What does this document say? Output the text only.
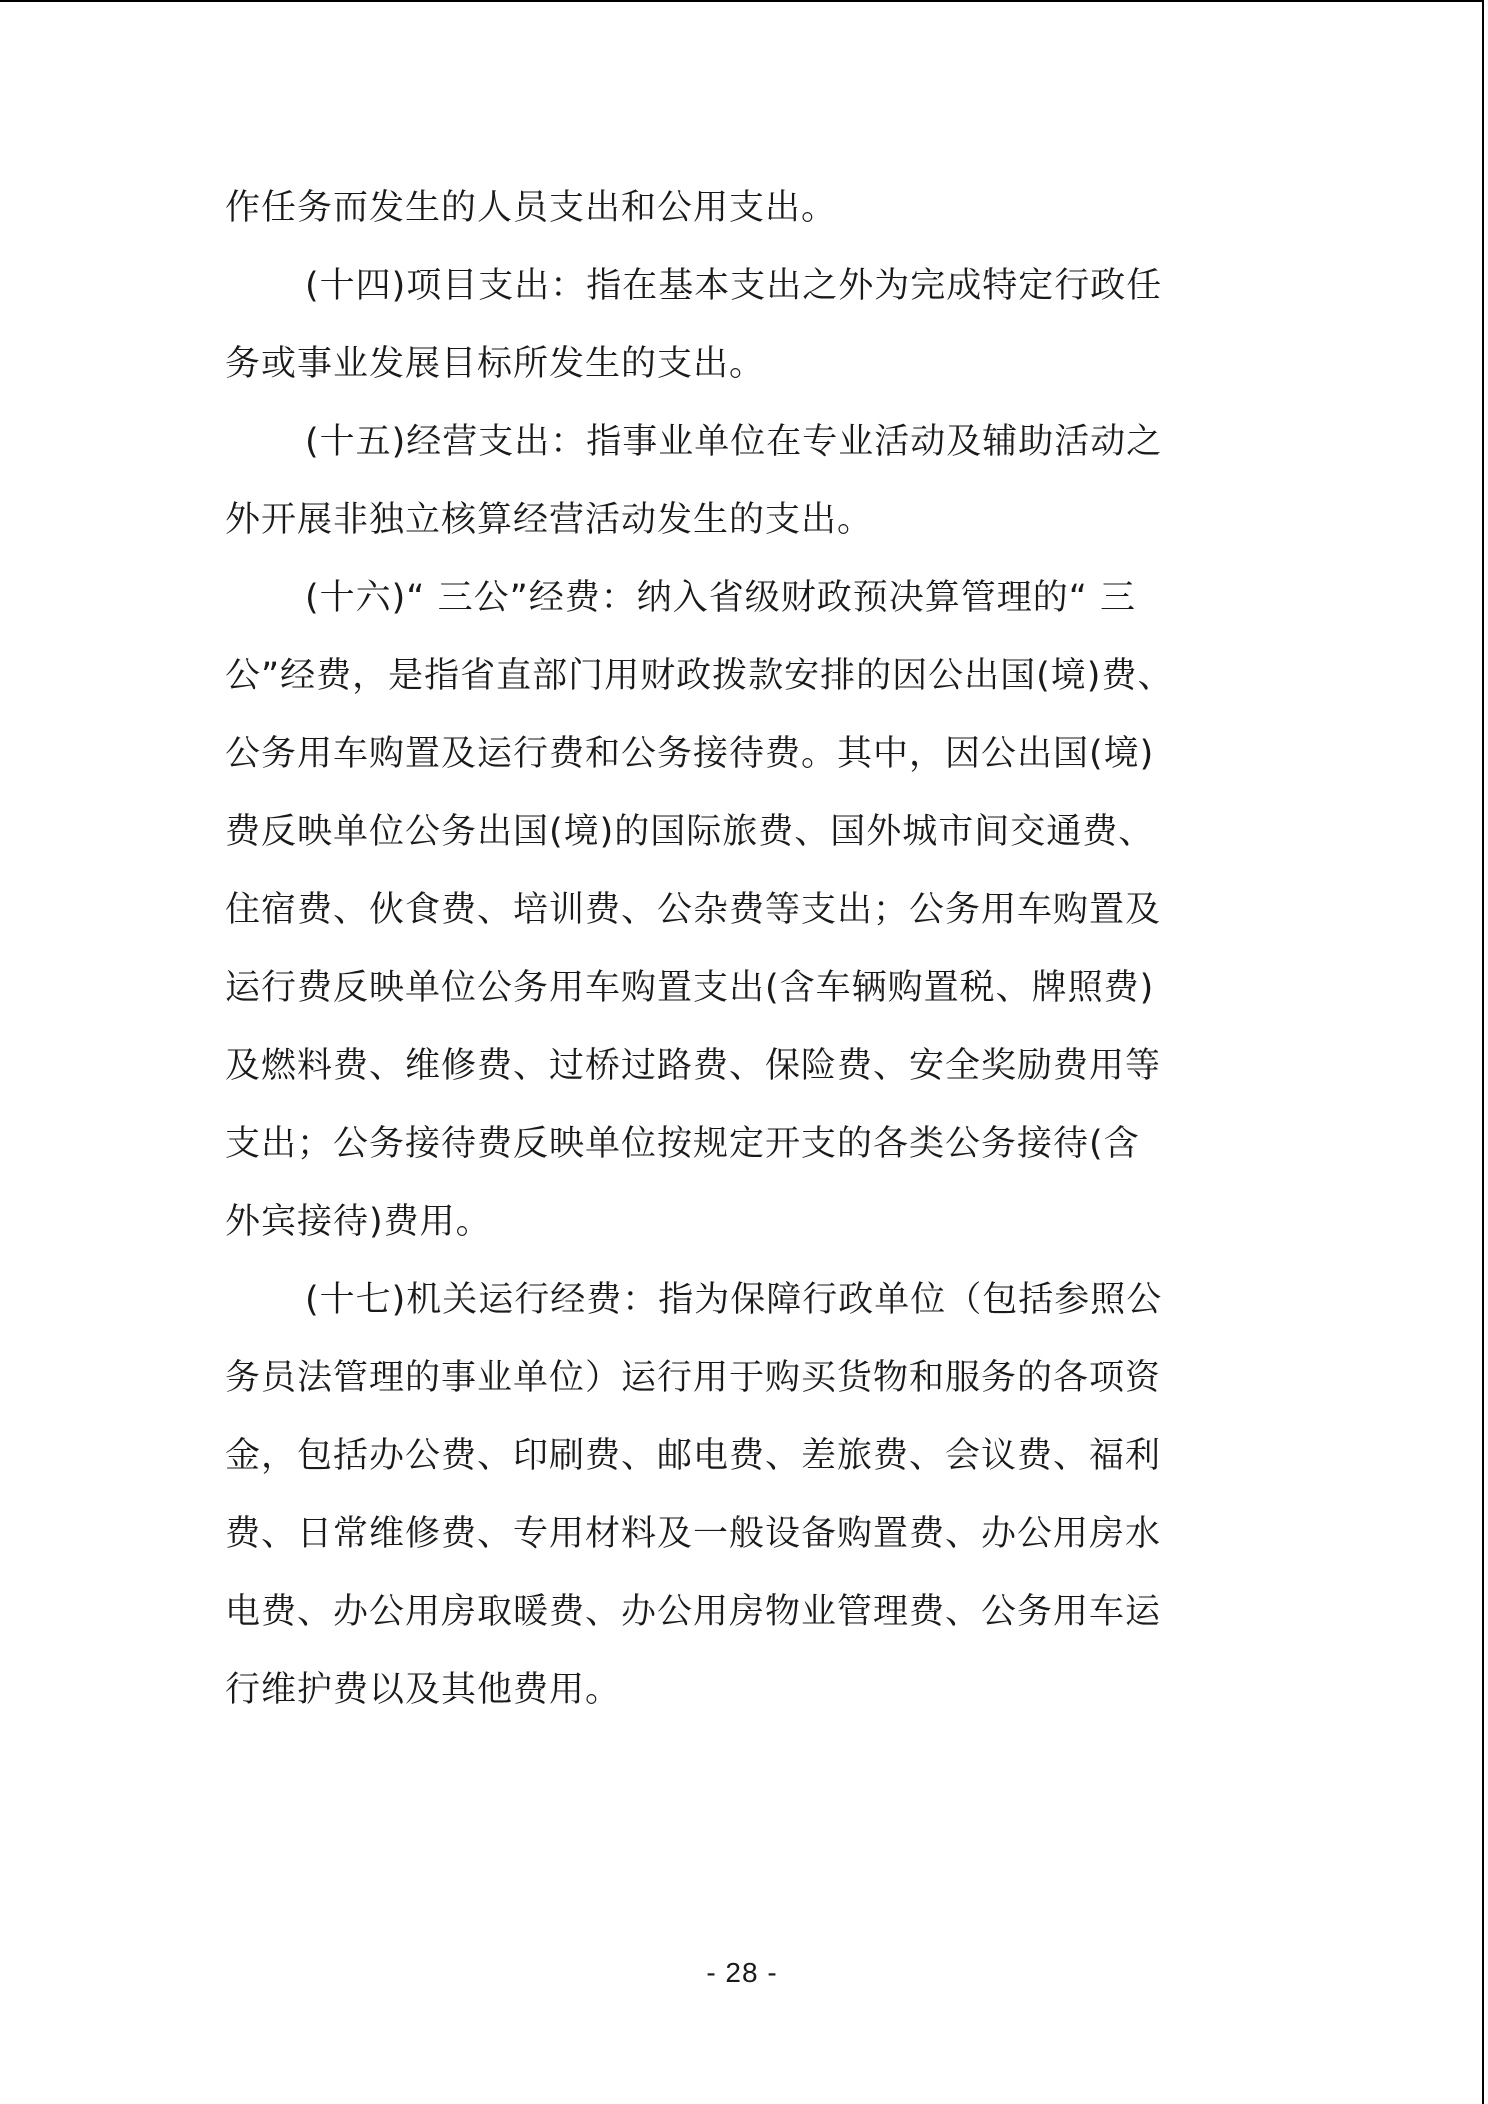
作任务而发生的人员支出和公用支出。
(十四)项目支出：指在基本支出之外为完成特定行政任
务或事业发展目标所发生的支出。
(十五)经营支出：指事业单位在专业活动及辅助活动之
外开展非独立核算经营活动发生的支出。
(十六)“ 三公”经费：纳入省级财政预决算管理的“ 三
公”经费，是指省直部门用财政拨款安排的因公出国(境)费、
公务用车购置及运行费和公务接待费。其中，因公出国(境)
费反映单位公务出国(境)的国际旅费、国外城市间交通费、
住宿费、伙食费、培训费、公杂费等支出；公务用车购置及
运行费反映单位公务用车购置支出(含车辆购置税、牌照费)
及燃料费、维修费、过桥过路费、保险费、安全奖励费用等
支出；公务接待费反映单位按规定开支的各类公务接待(含
外宾接待)费用。
(十七)机关运行经费：指为保障行政单位（包括参照公
务员法管理的事业单位）运行用于购买货物和服务的各项资
金，包括办公费、印刷费、邮电费、差旅费、会议费、福利
费、日常维修费、专用材料及一般设备购置费、办公用房水
电费、办公用房取暖费、办公用房物业管理费、公务用车运
行维护费以及其他费用。
- 28 -
